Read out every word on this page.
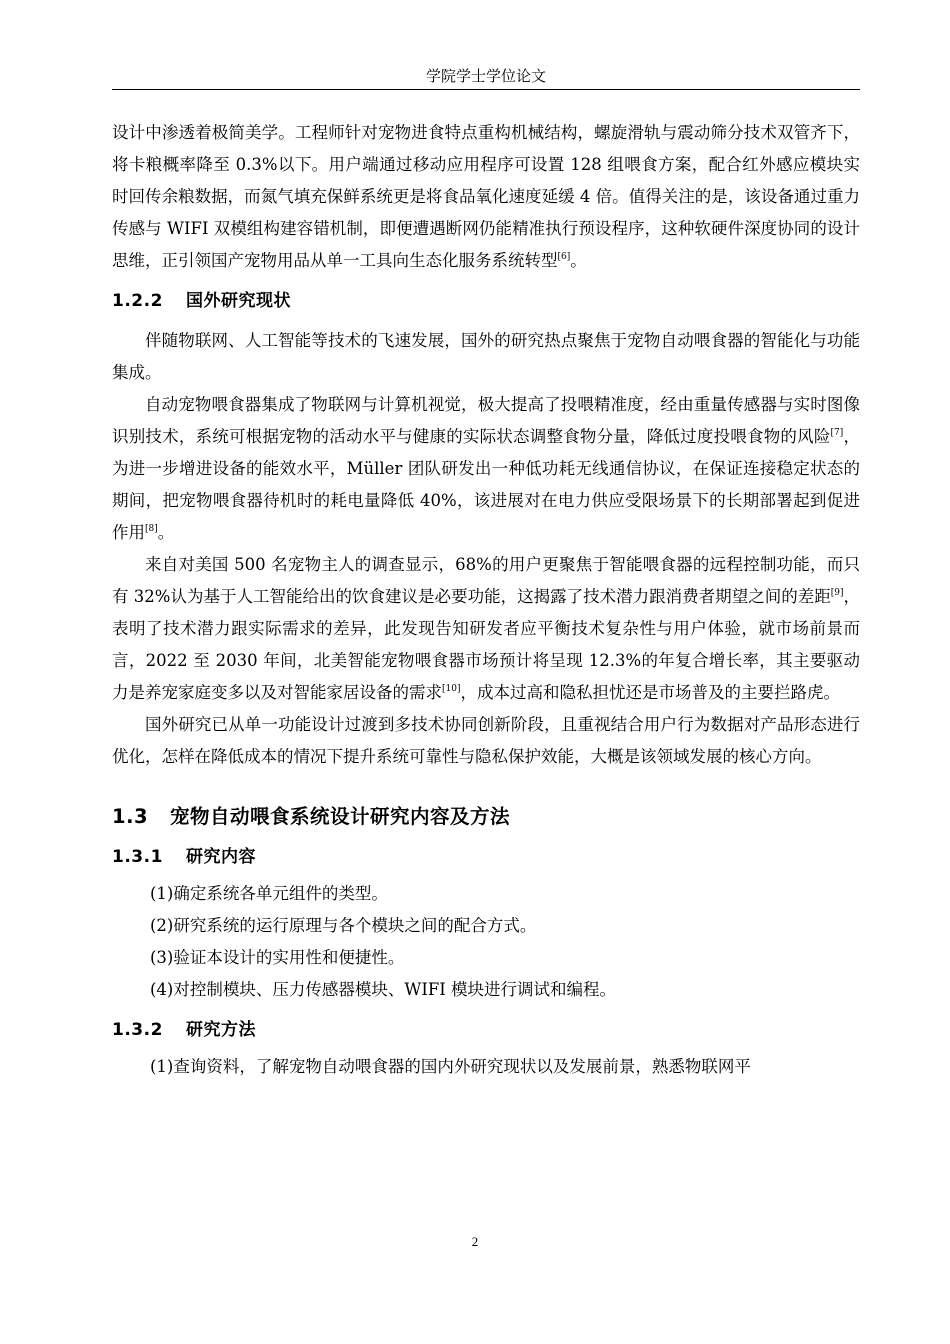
学院学士学位论文

设计中渗透着极简美学。工程师针对宠物进食特点重构机械结构，螺旋滑轨与震动筛分技术双管齐下，将卡粮概率降至 0.3%以下。用户端通过移动应用程序可设置 128 组喂食方案，配合红外感应模块实时回传余粮数据，而氮气填充保鲜系统更是将食品氧化速度延缓 4 倍。值得关注的是，该设备通过重力传感与 WIFI 双模组构建容错机制，即便遭遇断网仍能精准执行预设程序，这种软硬件深度协同的设计思维，正引领国产宠物用品从单一工具向生态化服务系统转型[6]。

1.2.2 国外研究现状

伴随物联网、人工智能等技术的飞速发展，国外的研究热点聚焦于宠物自动喂食器的智能化与功能集成。

自动宠物喂食器集成了物联网与计算机视觉，极大提高了投喂精准度，经由重量传感器与实时图像识别技术，系统可根据宠物的活动水平与健康的实际状态调整食物分量，降低过度投喂食物的风险[7]，为进一步增进设备的能效水平，Müller 团队研发出一种低功耗无线通信协议，在保证连接稳定状态的期间，把宠物喂食器待机时的耗电量降低 40%，该进展对在电力供应受限场景下的长期部署起到促进作用[8]。

来自对美国 500 名宠物主人的调查显示，68%的用户更聚焦于智能喂食器的远程控制功能，而只有 32%认为基于人工智能给出的饮食建议是必要功能，这揭露了技术潜力跟消费者期望之间的差距[9]，表明了技术潜力跟实际需求的差异，此发现告知研发者应平衡技术复杂性与用户体验，就市场前景而言，2022 至 2030 年间，北美智能宠物喂食器市场预计将呈现 12.3%的年复合增长率，其主要驱动力是养宠家庭变多以及对智能家居设备的需求[10]，成本过高和隐私担忧还是市场普及的主要拦路虎。

国外研究已从单一功能设计过渡到多技术协同创新阶段，且重视结合用户行为数据对产品形态进行优化，怎样在降低成本的情况下提升系统可靠性与隐私保护效能，大概是该领域发展的核心方向。

1.3 宠物自动喂食系统设计研究内容及方法
1.3.1 研究内容

(1)确定系统各单元组件的类型。

(2)研究系统的运行原理与各个模块之间的配合方式。

(3)验证本设计的实用性和便捷性。

(4)对控制模块、压力传感器模块、WIFI 模块进行调试和编程。

1.3.2 研究方法

(1)查询资料，了解宠物自动喂食器的国内外研究现状以及发展前景，熟悉物联网平

2
